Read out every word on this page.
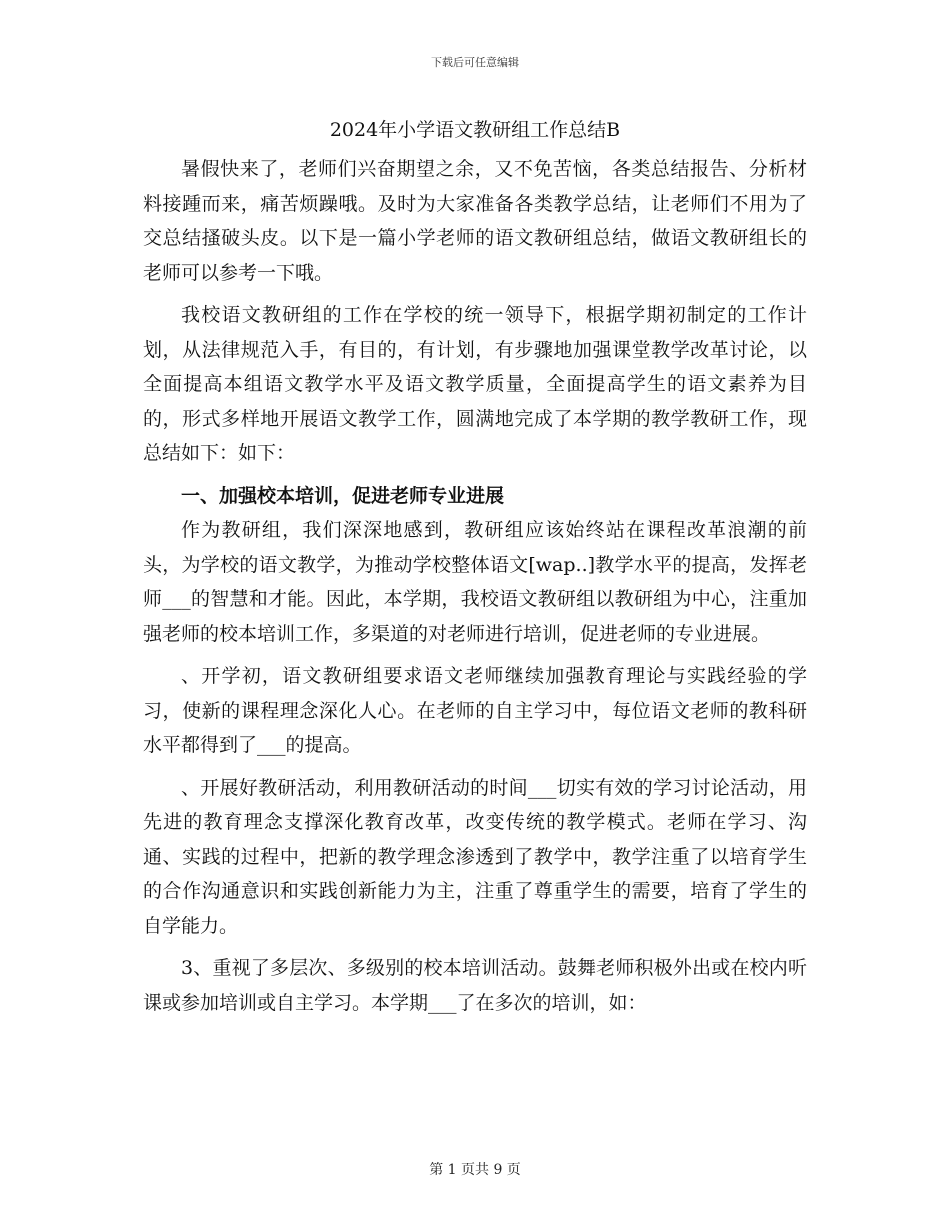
下载后可任意编辑
2024年小学语文教研组工作总结B

暑假快来了，老师们兴奋期望之余，又不免苦恼，各类总结报告、分析材料接踵而来，痛苦烦躁哦。及时为大家准备各类教学总结，让老师们不用为了交总结搔破头皮。以下是一篇小学老师的语文教研组总结，做语文教研组长的老师可以参考一下哦。

我校语文教研组的工作在学校的统一领导下，根据学期初制定的工作计划，从法律规范入手，有目的，有计划，有步骤地加强课堂教学改革讨论，以全面提高本组语文教学水平及语文教学质量，全面提高学生的语文素养为目的，形式多样地开展语文教学工作，圆满地完成了本学期的教学教研工作，现总结如下：如下：

一、加强校本培训，促进老师专业进展

作为教研组，我们深深地感到，教研组应该始终站在课程改革浪潮的前头，为学校的语文教学，为推动学校整体语文[wap..]教学水平的提高，发挥老师___的智慧和才能。因此，本学期，我校语文教研组以教研组为中心，注重加强老师的校本培训工作，多渠道的对老师进行培训，促进老师的专业进展。

、开学初，语文教研组要求语文老师继续加强教育理论与实践经验的学习，使新的课程理念深化人心。在老师的自主学习中，每位语文老师的教科研水平都得到了___的提高。

、开展好教研活动，利用教研活动的时间___切实有效的学习讨论活动，用先进的教育理念支撑深化教育改革，改变传统的教学模式。老师在学习、沟通、实践的过程中，把新的教学理念渗透到了教学中，教学注重了以培育学生的合作沟通意识和实践创新能力为主，注重了尊重学生的需要，培育了学生的自学能力。

3、重视了多层次、多级别的校本培训活动。鼓舞老师积极外出或在校内听课或参加培训或自主学习。本学期___了在多次的培训，如：

第 1 页共 9 页
